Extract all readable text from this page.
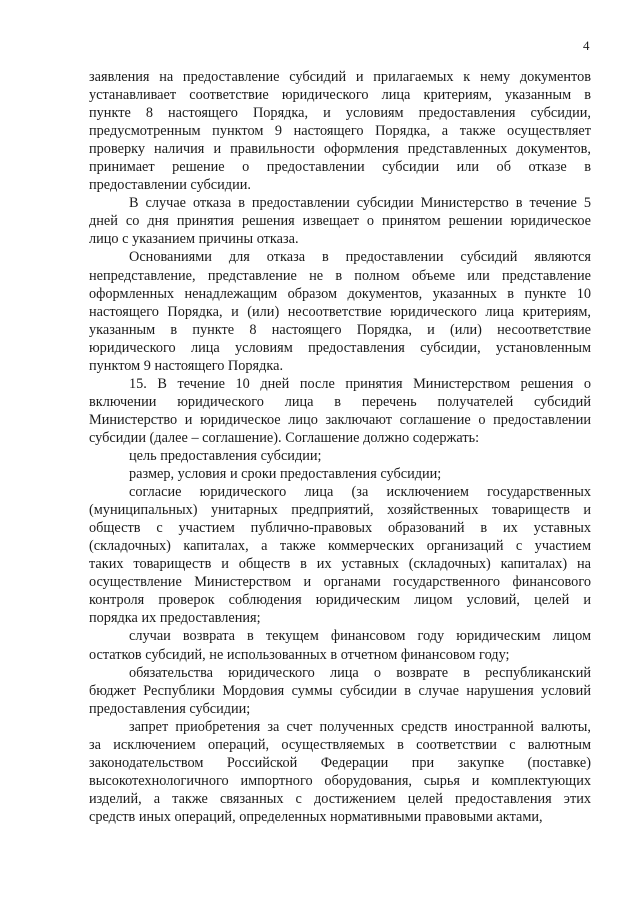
4
заявления на предоставление субсидий и прилагаемых к нему документов
устанавливает соответствие юридического лица критериям, указанным в
пункте 8 настоящего Порядка, и условиям предоставления субсидии,
предусмотренным пунктом 9 настоящего Порядка, а также осуществляет
проверку наличия и правильности оформления представленных документов,
принимает решение о предоставлении субсидии или об отказе в
предоставлении субсидии.
В случае отказа в предоставлении субсидии Министерство в течение 5
дней со дня принятия решения извещает о принятом решении юридическое
лицо с указанием причины отказа.
Основаниями для отказа в предоставлении субсидий являются
непредставление, представление не в полном объеме или представление
оформленных ненадлежащим образом документов, указанных в пункте 10
настоящего Порядка, и (или) несоответствие юридического лица критериям,
указанным в пункте 8 настоящего Порядка, и (или) несоответствие
юридического лица условиям предоставления субсидии, установленным
пунктом 9 настоящего Порядка.
15. В течение 10 дней после принятия Министерством решения о
включении юридического лица в перечень получателей субсидий
Министерство и юридическое лицо заключают соглашение о предоставлении
субсидии (далее – соглашение). Соглашение должно содержать:
цель предоставления субсидии;
размер, условия и сроки предоставления субсидии;
согласие юридического лица (за исключением государственных
(муниципальных) унитарных предприятий, хозяйственных товариществ и
обществ с участием публично-правовых образований в их уставных
(складочных) капиталах, а также коммерческих организаций с участием
таких товариществ и обществ в их уставных (складочных) капиталах) на
осуществление Министерством и органами государственного финансового
контроля проверок соблюдения юридическим лицом условий, целей и
порядка их предоставления;
случаи возврата в текущем финансовом году юридическим лицом
остатков субсидий, не использованных в отчетном финансовом году;
обязательства юридического лица о возврате в республиканский
бюджет Республики Мордовия суммы субсидии в случае нарушения условий
предоставления субсидии;
запрет приобретения за счет полученных средств иностранной валюты,
за исключением операций, осуществляемых в соответствии с валютным
законодательством Российской Федерации при закупке (поставке)
высокотехнологичного импортного оборудования, сырья и комплектующих
изделий, а также связанных с достижением целей предоставления этих
средств иных операций, определенных нормативными правовыми актами,
